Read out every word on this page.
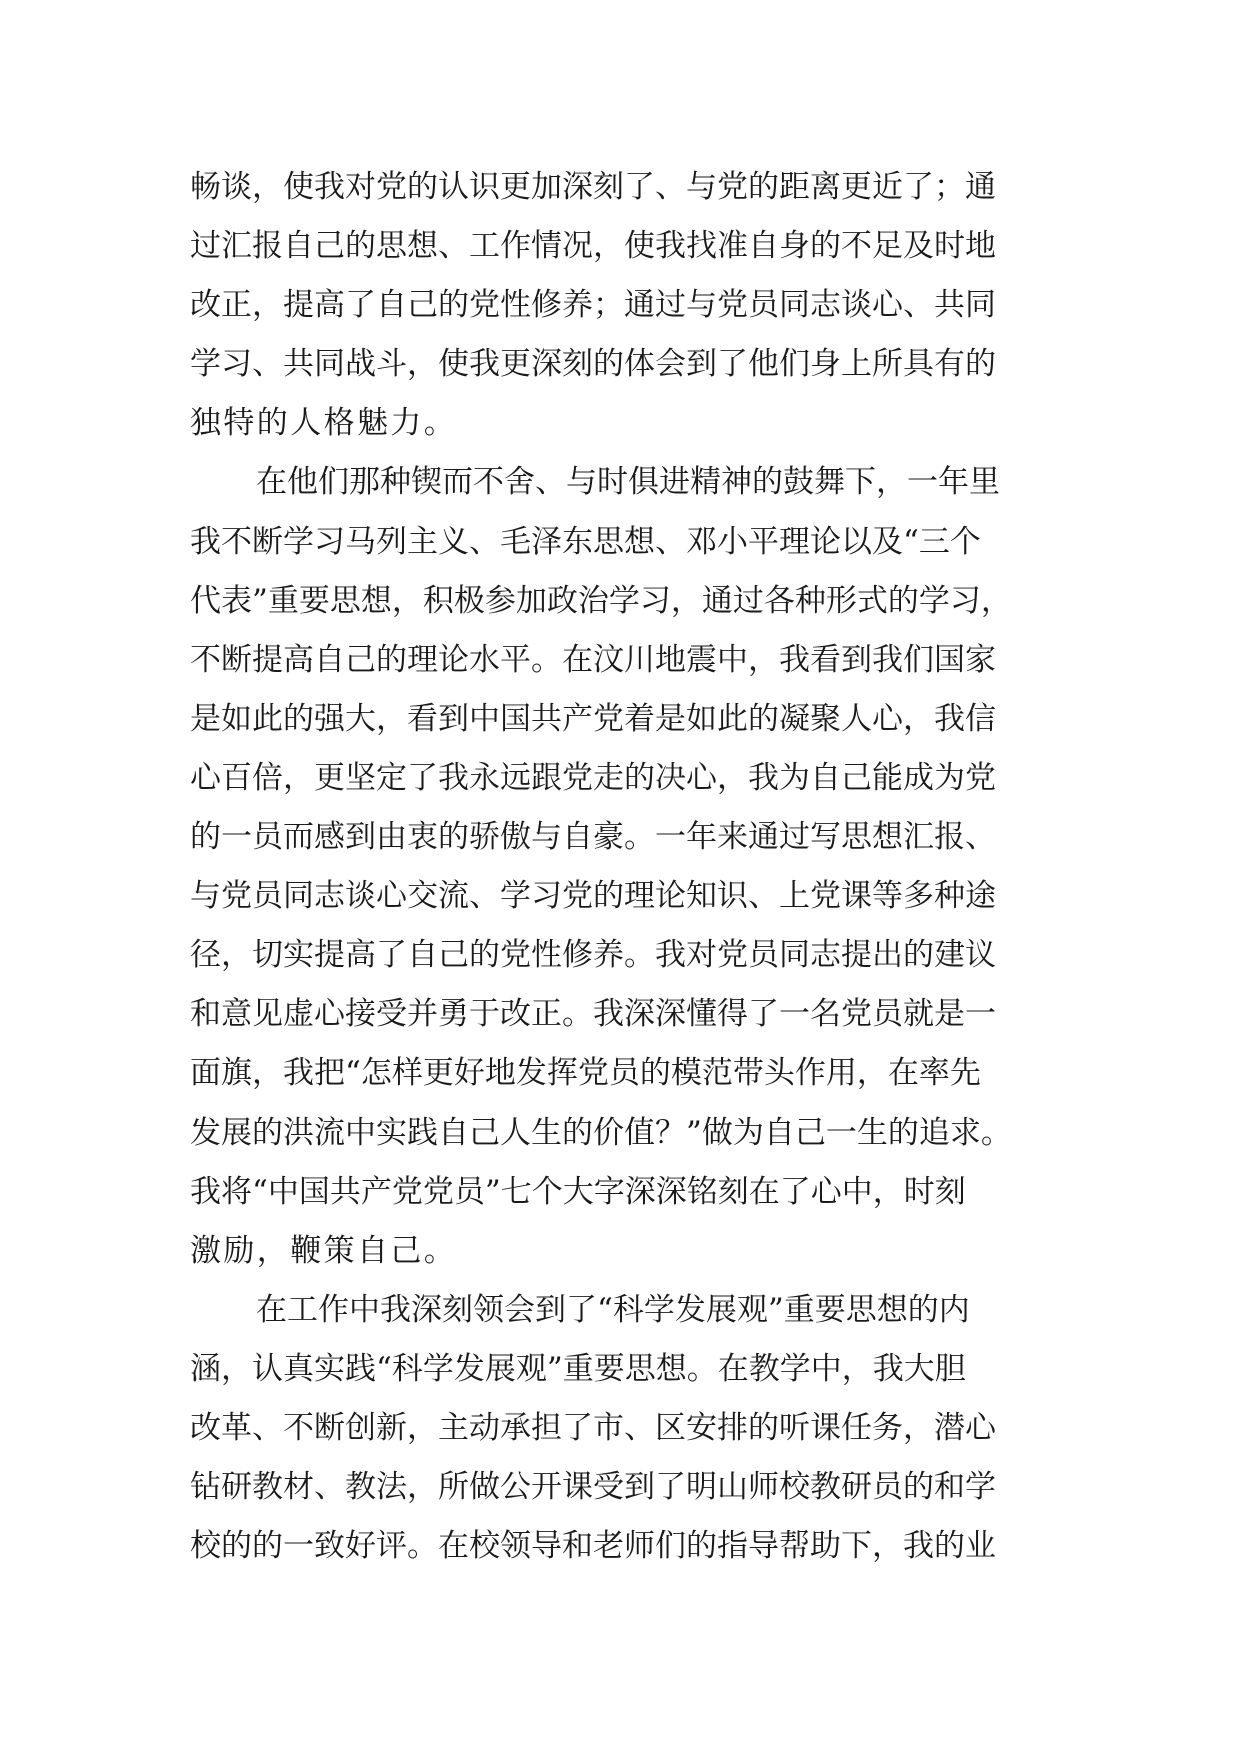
畅谈，使我对党的认识更加深刻了、与党的距离更近了；通
过汇报自己的思想、工作情况，使我找准自身的不足及时地
改正，提高了自己的党性修养；通过与党员同志谈心、共同
学习、共同战斗，使我更深刻的体会到了他们身上所具有的
独特的人格魅力。
在他们那种锲而不舍、与时俱进精神的鼓舞下，一年里
我不断学习马列主义、毛泽东思想、邓小平理论以及“三个
代表”重要思想，积极参加政治学习，通过各种形式的学习，
不断提高自己的理论水平。在汶川地震中，我看到我们国家
是如此的强大，看到中国共产党着是如此的凝聚人心，我信
心百倍，更坚定了我永远跟党走的决心，我为自己能成为党
的一员而感到由衷的骄傲与自豪。一年来通过写思想汇报、
与党员同志谈心交流、学习党的理论知识、上党课等多种途
径，切实提高了自己的党性修养。我对党员同志提出的建议
和意见虚心接受并勇于改正。我深深懂得了一名党员就是一
面旗，我把“怎样更好地发挥党员的模范带头作用，在率先
发展的洪流中实践自己人生的价值？”做为自己一生的追求。
我将“中国共产党党员”七个大字深深铭刻在了心中，时刻
激励，鞭策自己。
在工作中我深刻领会到了“科学发展观”重要思想的内
涵，认真实践“科学发展观”重要思想。在教学中，我大胆
改革、不断创新，主动承担了市、区安排的听课任务，潜心
钻研教材、教法，所做公开课受到了明山师校教研员的和学
校的的一致好评。在校领导和老师们的指导帮助下，我的业
